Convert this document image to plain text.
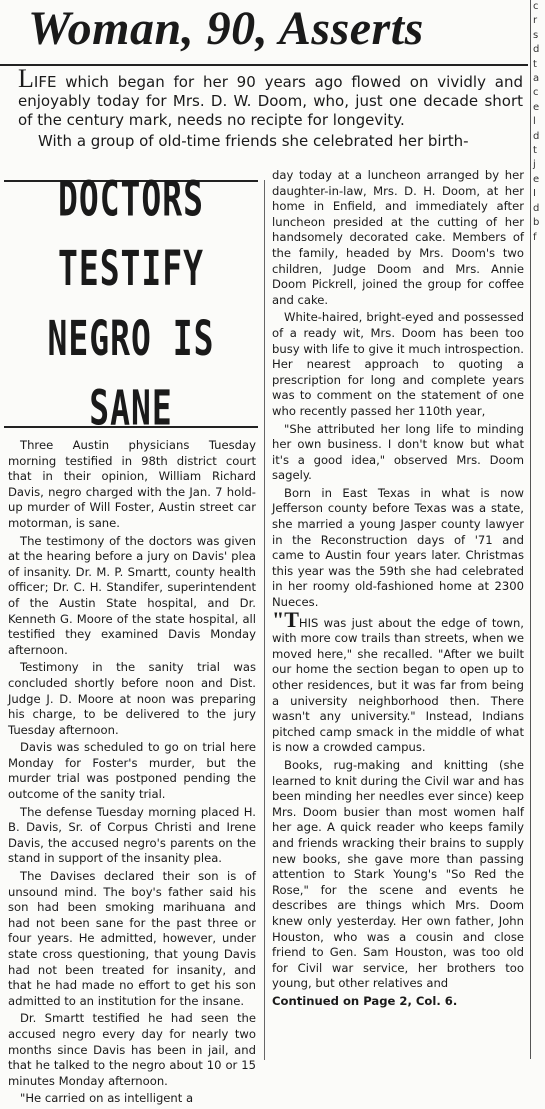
Woman, 90, Asserts	c
r
s
d
t
a
c
e
l
d
t
j
e
I
d
b
f

LIFE which began for her 90 years ago flowed on vividly and enjoyably today for Mrs. D. W. Doom, who, just one decade short of the century mark, needs no recipte for longevity.

With a group of old-time friends she celebrated her birth-

DOCTORS TESTIFY
NEGRO IS SANE

Three Austin physicians Tuesday morning testified in 98th district court that in their opinion, William Richard Davis, negro charged with the Jan. 7 hold-up murder of Will Foster, Austin street car motorman, is sane.

The testimony of the doctors was given at the hearing before a jury on Davis' plea of insanity. Dr. M. P. Smartt, county health officer; Dr. C. H. Standifer, superintendent of the Austin State hospital, and Dr. Kenneth G. Moore of the state hospital, all testified they examined Davis Monday afternoon.

Testimony in the sanity trial was concluded shortly before noon and Dist. Judge J. D. Moore at noon was preparing his charge, to be delivered to the jury Tuesday afternoon.

Davis was scheduled to go on trial here Monday for Foster's murder, but the murder trial was postponed pending the outcome of the sanity trial.

The defense Tuesday morning placed H. B. Davis, Sr. of Corpus Christi and Irene Davis, the accused negro's parents on the stand in support of the insanity plea.

The Davises declared their son is of unsound mind. The boy's father said his son had been smoking marihuana and had not been sane for the past three or four years. He admitted, however, under state cross questioning, that young Davis had not been treated for insanity, and that he had made no effort to get his son admitted to an institution for the insane.

Dr. Smartt testified he had seen the accused negro every day for nearly two months since Davis has been in jail, and that he talked to the negro about 10 or 15 minutes Monday afternoon.

"He carried on as intelligent a

day today at a luncheon arranged by her daughter-in-law, Mrs. D. H. Doom, at her home in Enfield, and immediately after luncheon presided at the cutting of her handsomely decorated cake. Members of the family, headed by Mrs. Doom's two children, Judge Doom and Mrs. Annie Doom Pickrell, joined the group for coffee and cake.

White-haired, bright-eyed and possessed of a ready wit, Mrs. Doom has been too busy with life to give it much introspection. Her nearest approach to quoting a prescription for long and complete years was to comment on the statement of one who recently passed her 110th year,

"She attributed her long life to minding her own business. I don't know but what it's a good idea," observed Mrs. Doom sagely.

Born in East Texas in what is now Jefferson county before Texas was a state, she married a young Jasper county lawyer in the Reconstruction days of '71 and came to Austin four years later. Christmas this year was the 59th she had celebrated in her roomy old-fashioned home at 2300 Nueces.

"THIS was just about the edge of town, with more cow trails than streets, when we moved here," she recalled. "After we built our home the section began to open up to other residences, but it was far from being a university neighborhood then. There wasn't any university." Instead, Indians pitched camp smack in the middle of what is now a crowded campus.

Books, rug-making and knitting (she learned to knit during the Civil war and has been minding her needles ever since) keep Mrs. Doom busier than most women half her age. A quick reader who keeps family and friends wracking their brains to supply new books, she gave more than passing attention to Stark Young's "So Red the Rose," for the scene and events he describes are things which Mrs. Doom knew only yesterday. Her own father, John Houston, who was a cousin and close friend to Gen. Sam Houston, was too old for Civil war service, her brothers too young, but other relatives and

Continued on Page 2, Col. 6.
